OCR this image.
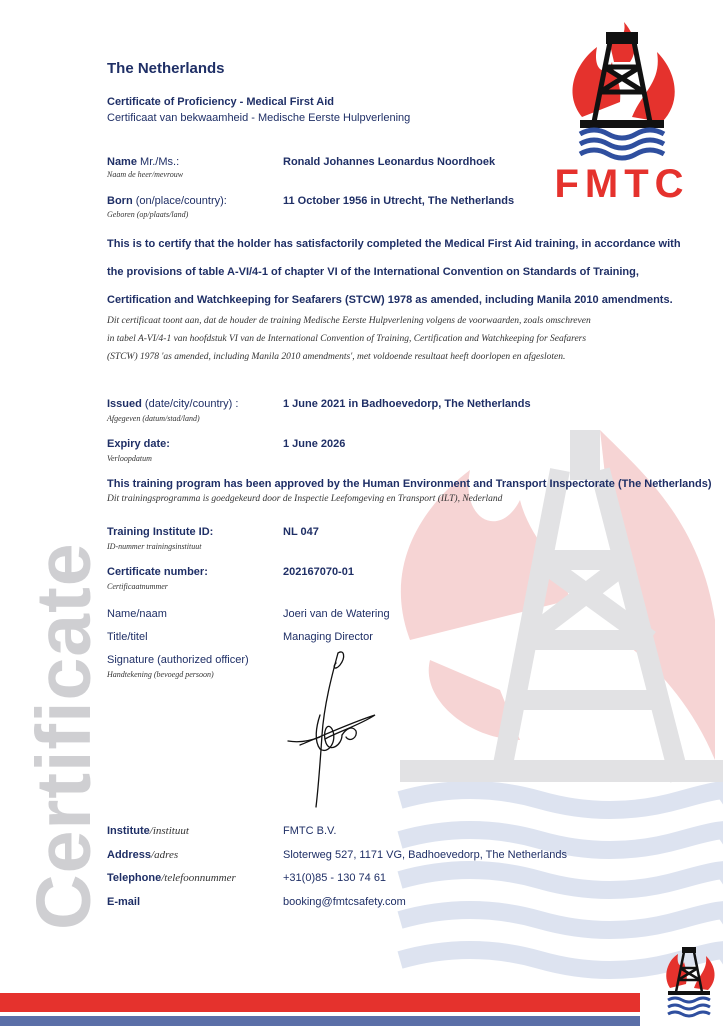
Certificate
FMTC
The Netherlands
Certificate of Proficiency - Medical First Aid
Certificaat van bekwaamheid - Medische Eerste Hulpverlening
Name Mr./Ms.:
Naam de heer/mevrouw
Ronald Johannes Leonardus Noordhoek
Born (on/place/country):
Geboren (op/plaats/land)
11 October 1956 in Utrecht, The Netherlands
This is to certify that the holder has satisfactorily completed the Medical First Aid training, in accordance with
the provisions of table A-VI/4-1 of chapter VI of the International Convention on Standards of Training,
Certification and Watchkeeping for Seafarers (STCW) 1978 as amended, including Manila 2010 amendments.
Dit certificaat toont aan, dat de houder de training Medische Eerste Hulpverlening volgens de voorwaarden, zoals omschreven
in tabel A-VI/4-1 van hoofdstuk VI van de International Convention of Training, Certification and Watchkeeping for Seafarers
(STCW) 1978 'as amended, including Manila 2010 amendments', met voldoende resultaat heeft doorlopen en afgesloten.
Issued (date/city/country) :
Afgegeven (datum/stad/land)
1 June 2021 in Badhoevedorp, The Netherlands
Expiry date:
Verloopdatum
1 June 2026
This training program has been approved by the Human Environment and Transport Inspectorate (The Netherlands)
Dit trainingsprogramma is goedgekeurd door de Inspectie Leefomgeving en Transport (ILT), Nederland
Training Institute ID:
ID-nummer trainingsinstituut
NL 047
Certificate number:
Certificaatnummer
202167070-01
Name/naam	Joeri van de Watering
Title/titel	Managing Director
Signature (authorized officer)
Handtekening (bevoegd persoon)
Institute/instituut	FMTC B.V.
Address/adres	Sloterweg 527, 1171 VG, Badhoevedorp, The Netherlands
Telephone/telefoonnummer	+31(0)85 - 130 74 61
E-mail	booking@fmtcsafety.com
